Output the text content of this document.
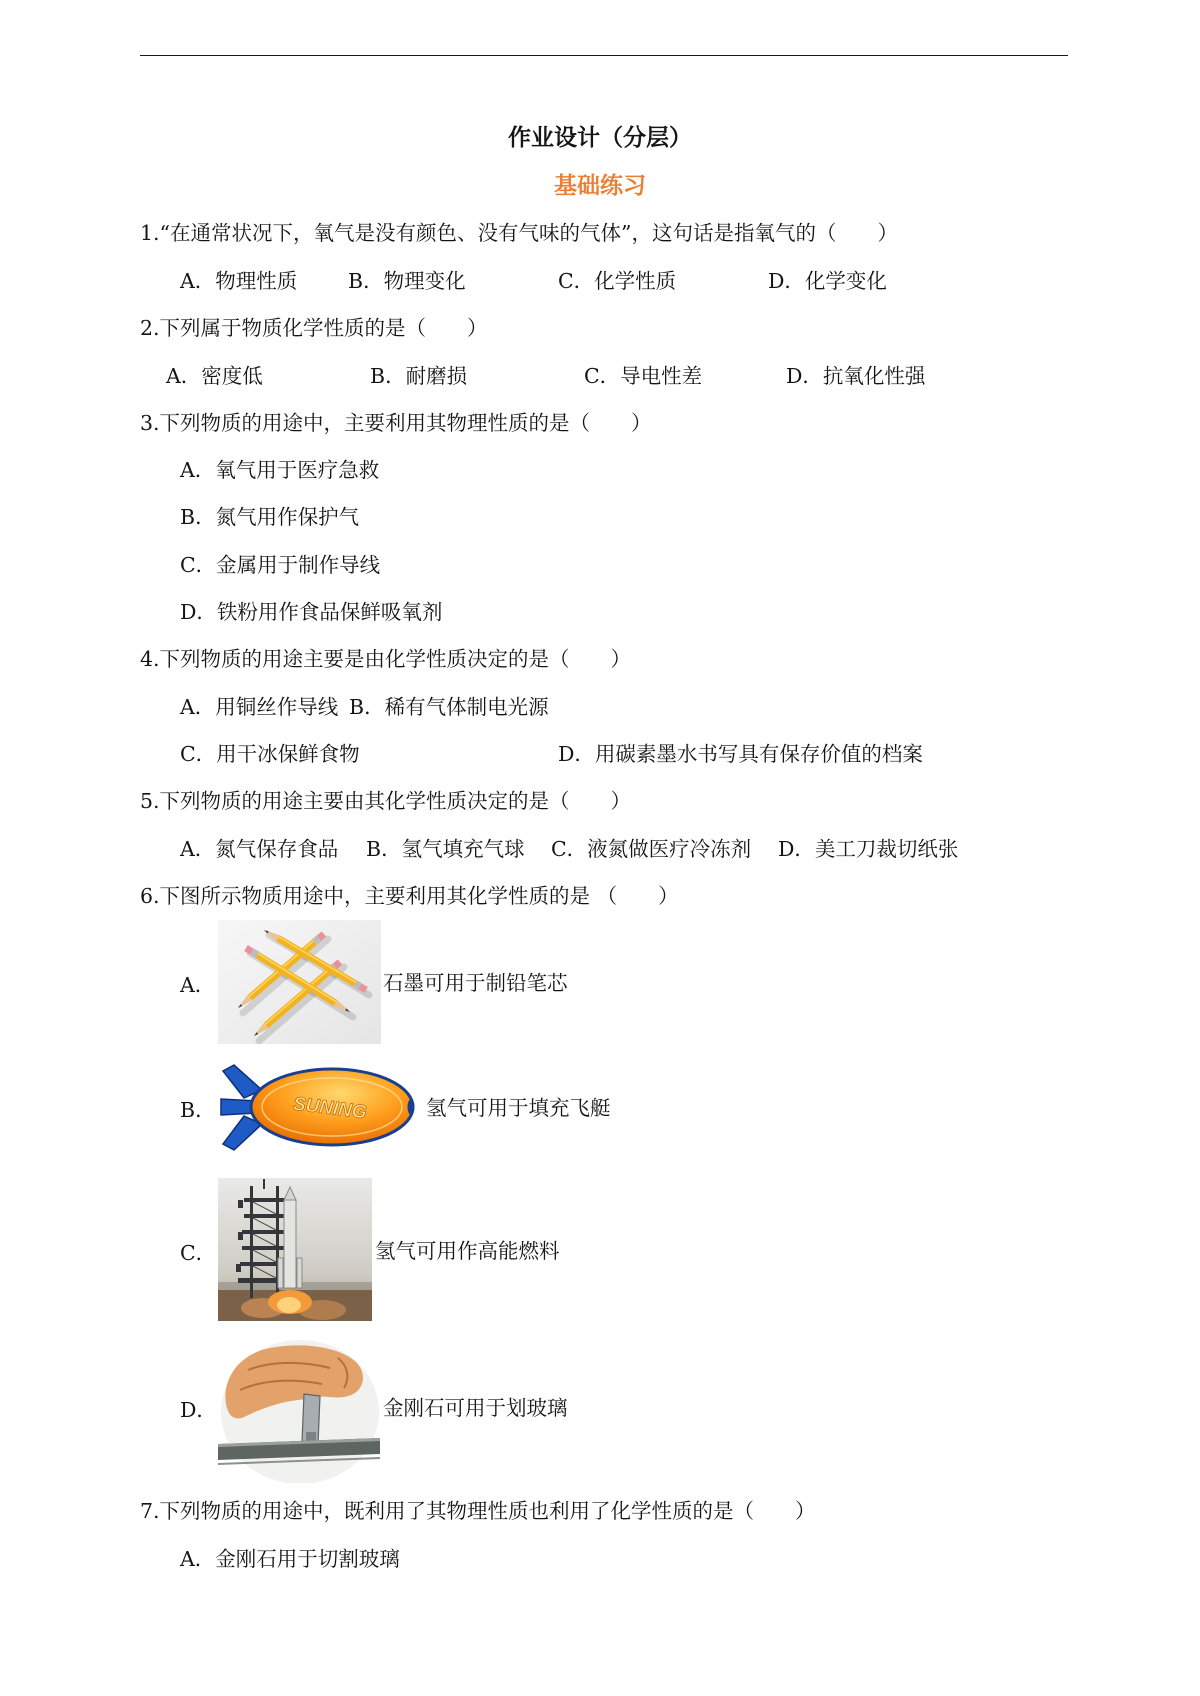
作业设计（分层）
基础练习
1.“在通常状况下，氧气是没有颜色、没有气味的气体”，这句话是指氧气的（　　）
A．物理性质 B．物理变化	C．化学性质	D．化学变化
2.下列属于物质化学性质的是（　　）
A．密度低	B．耐磨损	C．导电性差	D．抗氧化性强
3.下列物质的用途中，主要利用其物理性质的是（　　）
A．氧气用于医疗急救
B．氮气用作保护气
C．金属用于制作导线
D．铁粉用作食品保鲜吸氧剂
4.下列物质的用途主要是由化学性质决定的是（　　）
A．用铜丝作导线 B．稀有气体制电光源
C．用干冰保鲜食物	D．用碳素墨水书写具有保存价值的档案
5.下列物质的用途主要由其化学性质决定的是（　　）
A．氮气保存食品 B．氢气填充气球 C．液氮做医疗冷冻剂 D．美工刀裁切纸张
6.下图所示物质用途中，主要利用其化学性质的是 （　　）
A．	石墨可用于制铅笔芯
B．	SUNING	氢气可用于填充飞艇
C．	氢气可用作高能燃料
D．	金刚石可用于划玻璃
7.下列物质的用途中，既利用了其物理性质也利用了化学性质的是（　　）
A．金刚石用于切割玻璃
